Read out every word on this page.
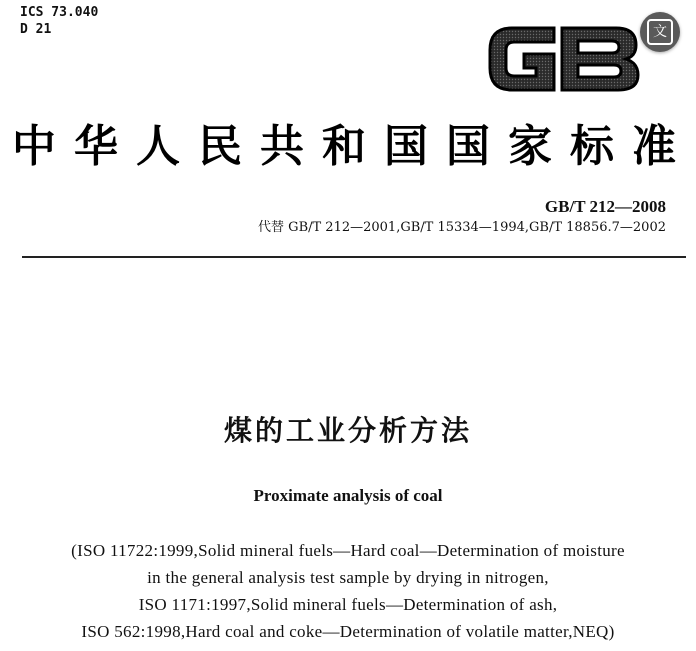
ICS 73.040
D 21	文
中华人民共和国国家标准
GB/T 212—2008
代替 GB/T 212—2001,GB/T 15334—1994,GB/T 18856.7—2002
煤的工业分析方法
Proximate analysis of coal
(ISO 11722:1999,Solid mineral fuels—Hard coal—Determination of moisture
in the general analysis test sample by drying in nitrogen,
ISO 1171:1997,Solid mineral fuels—Determination of ash,
ISO 562:1998,Hard coal and coke—Determination of volatile matter,NEQ)
